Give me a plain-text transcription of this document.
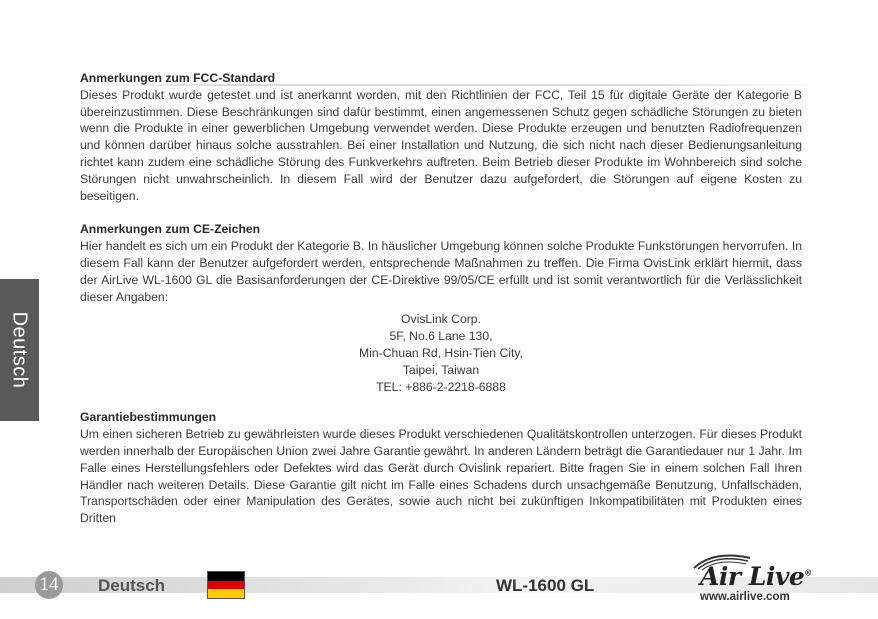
Anmerkungen zum FCC-Standard

Dieses Produkt wurde getestet und ist anerkannt worden, mit den Richtlinien der FCC, Teil 15 für digitale Geräte der Kategorie B übereinzustimmen. Diese Beschränkungen sind dafür bestimmt, einen angemessenen Schutz gegen schädliche Störungen zu bieten wenn die Produkte in einer gewerblichen Umgebung verwendet werden. Diese Produkte erzeugen und benutzten Radiofrequenzen und können darüber hinaus solche ausstrahlen. Bei einer Installation und Nutzung, die sich nicht nach dieser Bedienungsanleitung richtet kann zudem eine schädliche Störung des Funkverkehrs auftreten. Beim Betrieb dieser Produkte im Wohnbereich sind solche Störungen nicht unwahrscheinlich. In diesem Fall wird der Benutzer dazu aufgefordert, die Störungen auf eigene Kosten zu beseitigen.

Anmerkungen zum CE-Zeichen

Hier handelt es sich um ein Produkt der Kategorie B. In häuslicher Umgebung können solche Produkte Funkstörungen hervorrufen. In diesem Fall kann der Benutzer aufgefordert werden, entsprechende Maßnahmen zu treffen. Die Firma OvisLink erklärt hiermit, dass der AirLive WL-1600 GL die Basisanforderungen der CE-Direktive 99/05/CE erfüllt und ist somit verantwortlich für die Verlässlichkeit dieser Angaben:

OvisLink Corp.
5F, No.6 Lane 130,
Min-Chuan Rd, Hsin-Tien City,
Taipei, Taiwan
TEL: +886-2-2218-6888

Garantiebestimmungen

Um einen sicheren Betrieb zu gewährleisten wurde dieses Produkt verschiedenen Qualitätskontrollen unterzogen. Für dieses Produkt werden innerhalb der Europäischen Union zwei Jahre Garantie gewährt. In anderen Ländern beträgt die Garantiedauer nur 1 Jahr. Im Falle eines Herstellungsfehlers oder Defektes wird das Gerät durch Ovislink repariert. Bitte fragen Sie in einem solchen Fall Ihren Händler nach weiteren Details. Diese Garantie gilt nicht im Falle eines Schadens durch unsachgemäße Benutzung, Unfallschäden, Transportschäden oder einer Manipulation des Gerätes, sowie auch nicht bei zukünftigen Inkompatibilitäten mit Produkten eines Dritten

Deutsch
14 Deutsch	WL-1600 GL	Air Live®
www.airlive.com
